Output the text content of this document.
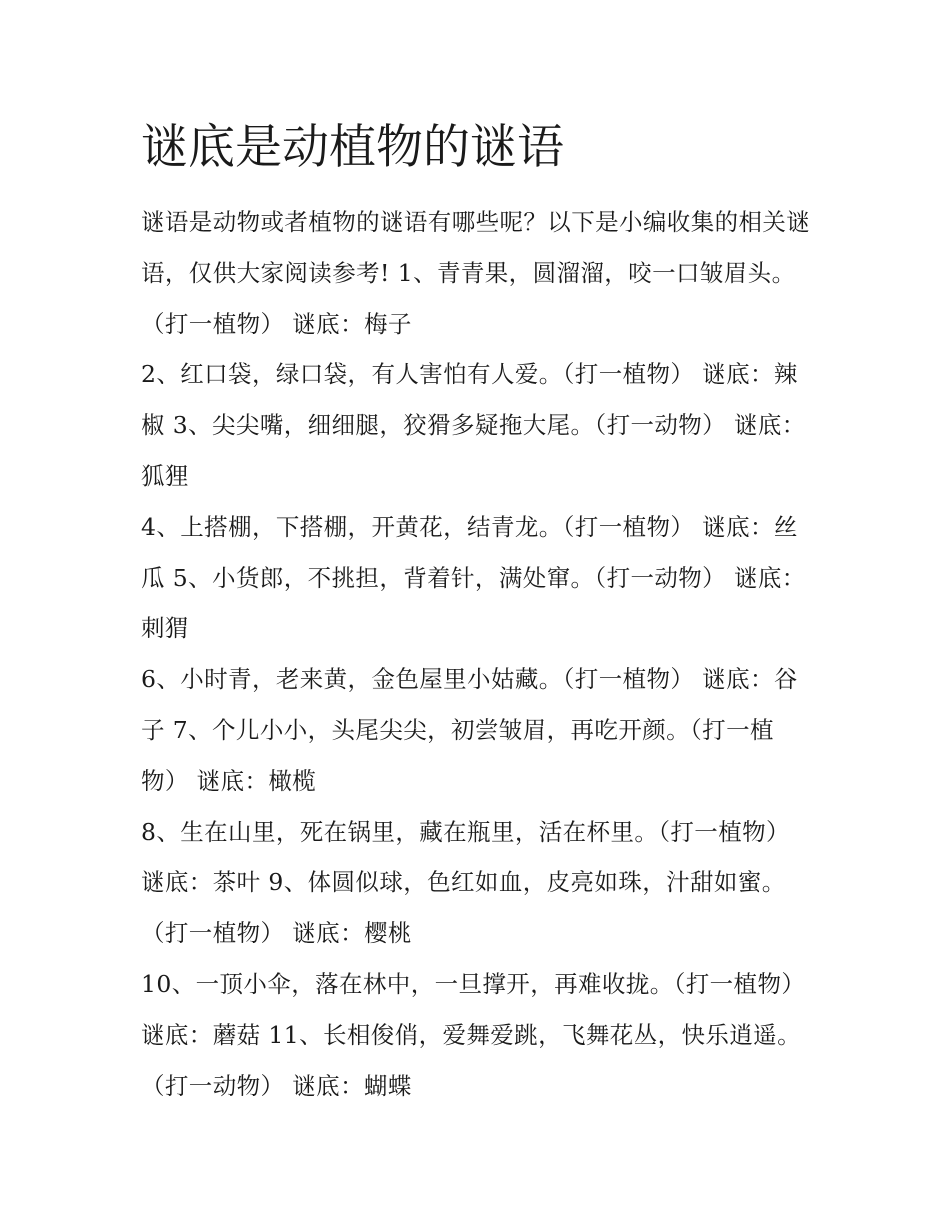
谜底是动植物的谜语

谜语是动物或者植物的谜语有哪些呢？以下是小编收集的相关谜语，仅供大家阅读参考! 1、青青果，圆溜溜，咬一口皱眉头。（打一植物） 谜底：梅子

2、红口袋，绿口袋，有人害怕有人爱。（打一植物） 谜底：辣椒 3、尖尖嘴，细细腿，狡猾多疑拖大尾。（打一动物） 谜底：狐狸

4、上搭棚，下搭棚，开黄花，结青龙。（打一植物） 谜底：丝瓜 5、小货郎，不挑担，背着针，满处窜。（打一动物） 谜底：刺猬

6、小时青，老来黄，金色屋里小姑藏。（打一植物） 谜底：谷子 7、个儿小小，头尾尖尖，初尝皱眉，再吃开颜。（打一植物） 谜底：橄榄

8、生在山里，死在锅里，藏在瓶里，活在杯里。（打一植物） 谜底：茶叶 9、体圆似球，色红如血，皮亮如珠，汁甜如蜜。（打一植物） 谜底：樱桃

10、一顶小伞，落在林中，一旦撑开，再难收拢。（打一植物） 谜底：蘑菇 11、长相俊俏，爱舞爱跳，飞舞花丛，快乐逍遥。（打一动物） 谜底：蝴蝶
